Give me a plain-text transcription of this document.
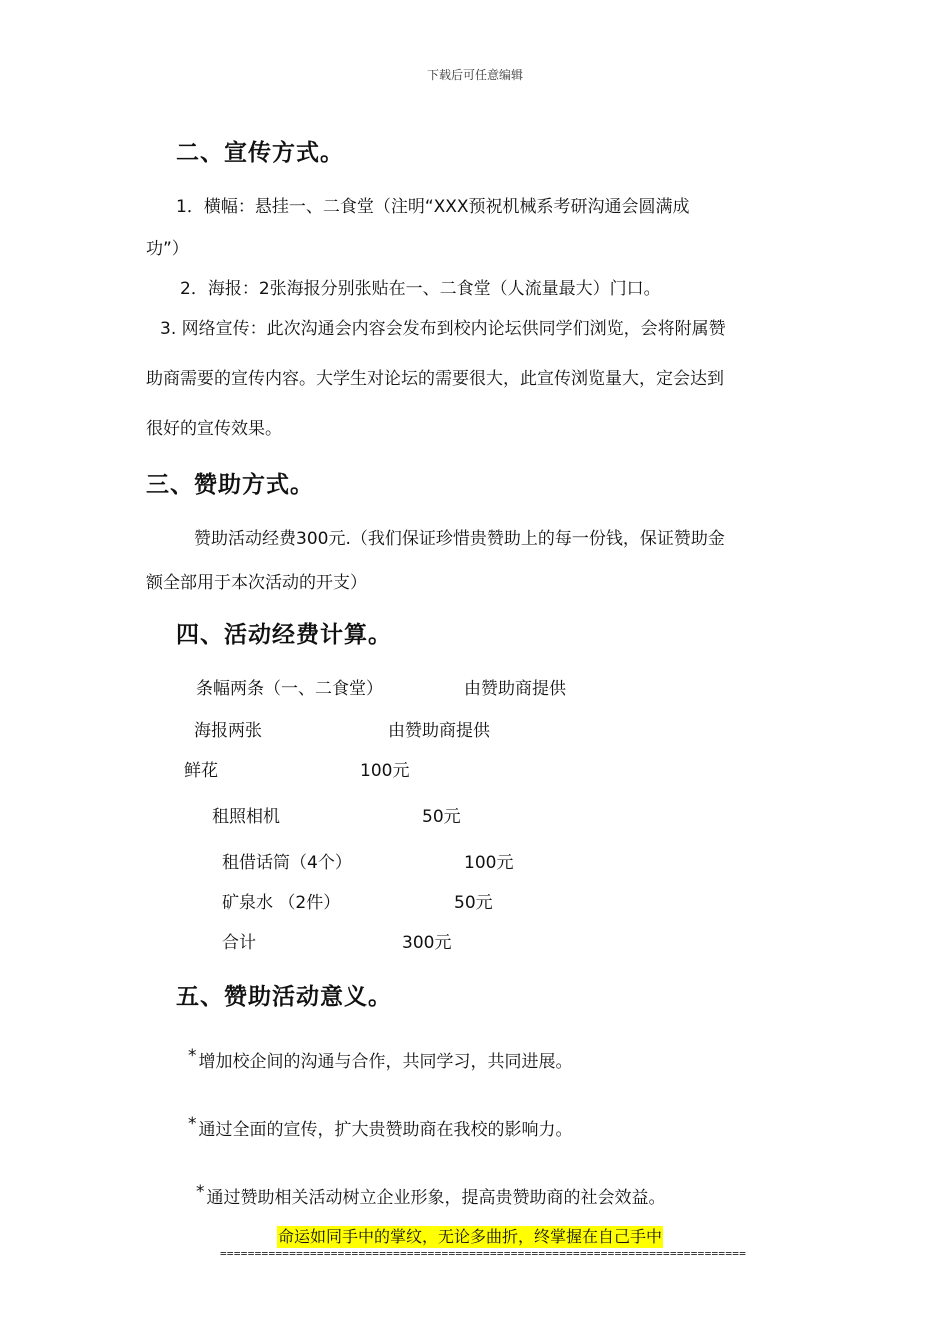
下载后可任意编辑
二、宣传方式。
1．横幅：悬挂一、二食堂（注明“XXX预祝机械系考研沟通会圆满成
功”）
2．海报：2张海报分别张贴在一、二食堂（人流量最大）门口。
3. 网络宣传：此次沟通会内容会发布到校内论坛供同学们浏览，会将附属赞
助商需要的宣传内容。大学生对论坛的需要很大，此宣传浏览量大，定会达到
很好的宣传效果。
三、赞助方式。
赞助活动经费300元.（我们保证珍惜贵赞助上的每一份钱，保证赞助金
额全部用于本次活动的开支）
四、活动经费计算。
条幅两条（一、二食堂）	由赞助商提供
海报两张	由赞助商提供
鲜花	100元
租照相机	50元
租借话筒（4个）	100元
矿泉水 （2件）	50元
合计	300元
五、赞助活动意义。
* 增加校企间的沟通与合作，共同学习，共同进展。
* 通过全面的宣传，扩大贵赞助商在我校的影响力。
* 通过赞助相关活动树立企业形象，提高贵赞助商的社会效益。
命运如同手中的掌纹，无论多曲折，终掌握在自己手中
============================================================================
